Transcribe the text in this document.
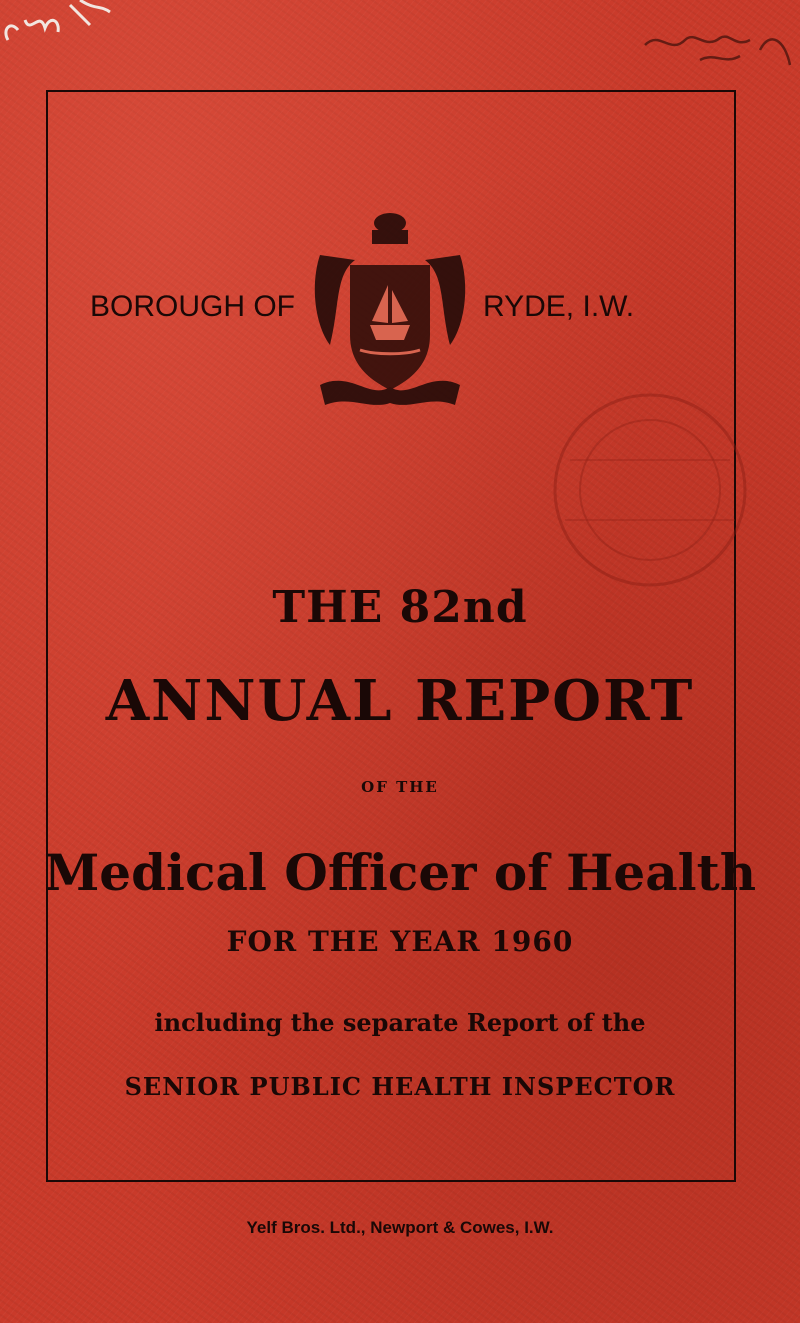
BOROUGH OF	RYDE, I.W.
THE 82nd
ANNUAL REPORT
OF THE
Medical Officer of Health
FOR THE YEAR 1960
including the separate Report of the
SENIOR PUBLIC HEALTH INSPECTOR
Yelf Bros. Ltd., Newport & Cowes, I.W.
